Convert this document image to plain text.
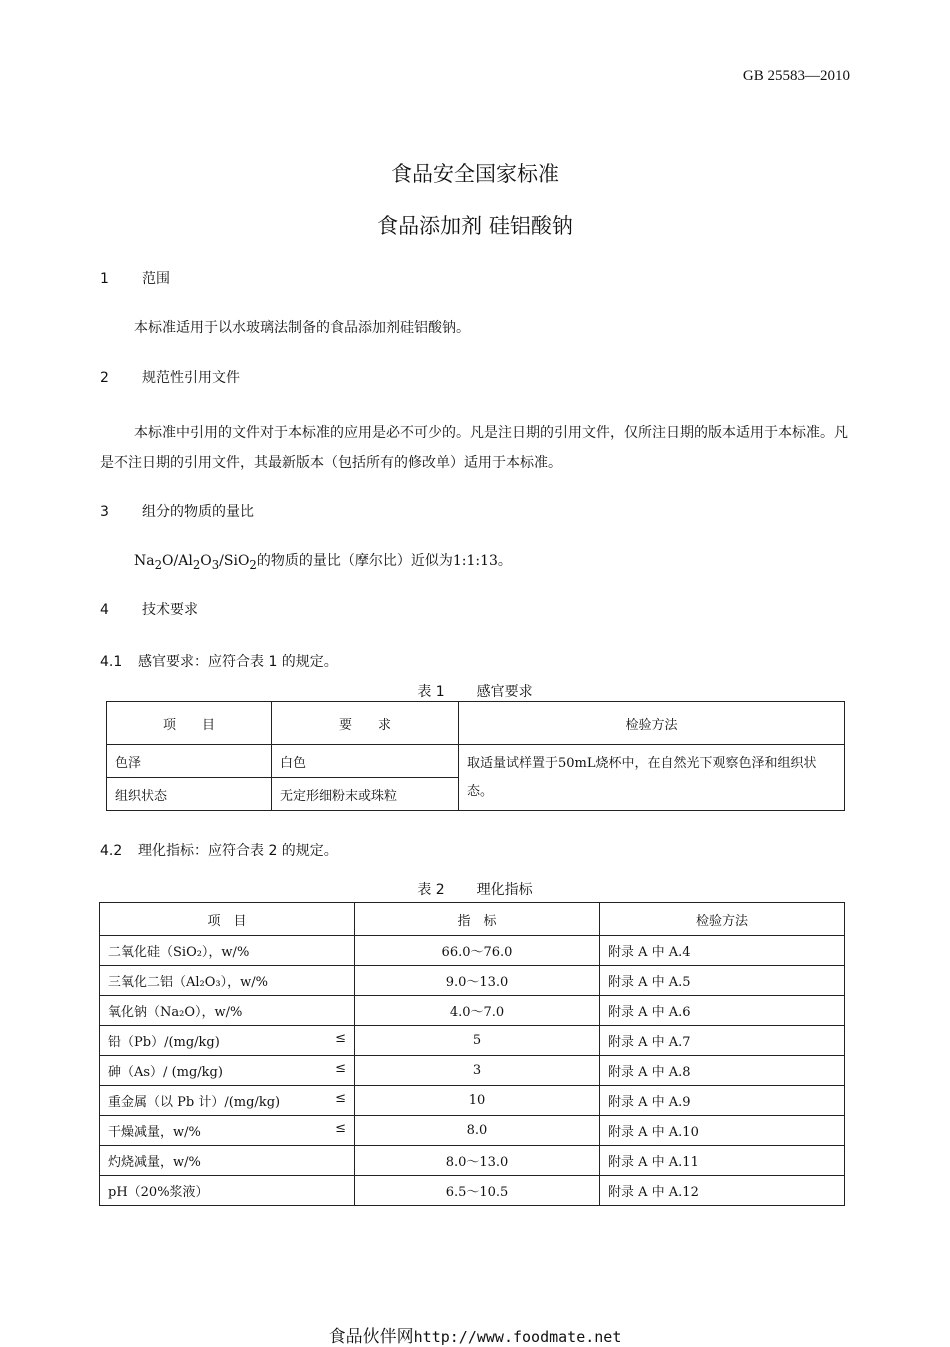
GB 25583—2010
食品安全国家标准
食品添加剂 硅铝酸钠
1 范围
本标准适用于以水玻璃法制备的食品添加剂硅铝酸钠。
2 规范性引用文件
本标准中引用的文件对于本标准的应用是必不可少的。凡是注日期的引用文件，仅所注日期的版本适用于本标准。凡是不注日期的引用文件，其最新版本（包括所有的修改单）适用于本标准。
3 组分的物质的量比
$Na_2O/Al_2O_3/SiO_2$的物质的量比（摩尔比）近似为1:1:13。
4 技术要求
4.1 感官要求：应符合表 1 的规定。
表 1 感官要求
项　　目	要　　求	检验方法
色泽	白色	取适量试样置于50mL烧杯中，在自然光下观察色泽和组织状态。
组织状态	无定形细粉末或珠粒	
4.2 理化指标：应符合表 2 的规定。
表 2 理化指标
项　目	指　标	检验方法
二氧化硅（SiO₂），w/%	66.0～76.0	附录 A 中 A.4
三氧化二铝（Al₂O₃），w/%	9.0～13.0	附录 A 中 A.5
氧化钠（Na₂O），w/%	4.0～7.0	附录 A 中 A.6
铅（Pb）/(mg/kg) ≤	5	附录 A 中 A.7
砷（As）/ (mg/kg) ≤	3	附录 A 中 A.8
重金属（以 Pb 计）/(mg/kg) ≤	10	附录 A 中 A.9
干燥减量，w/% ≤	8.0	附录 A 中 A.10
灼烧减量，w/%	8.0～13.0	附录 A 中 A.11
pH（20%浆液）	6.5～10.5	附录 A 中 A.12
食品伙伴网http://www.foodmate.net
